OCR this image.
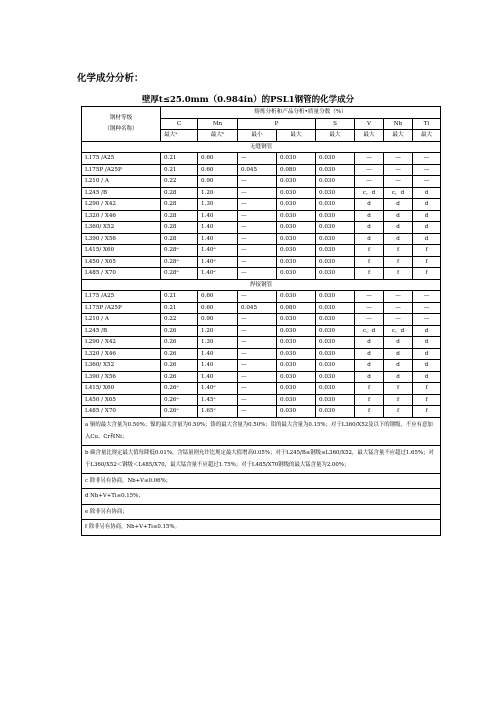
化学成分分析：
壁厚t≤25.0mm（0.984in）的PSL1钢管的化学成分
钢材等级
（钢种名称）	熔炼分析和产品分析•质量分数（%）							
	C	Mn	P		S	V	Nb	Ti
	最大ᵃ	最大ᵇ	最小	最大	最大	最大	最大	最大
无缝钢管								
L175 /A25	0.21	0.60	—	0.030	0.030	—	—	—
L175P /A25P	0.21	0.60	0.045	0.080	0.030	—	—	—
L210 / A	0.22	0.90	—	0.030	0.030	—	—	—
L245 /B	0.28	1.20	—	0.030	0.030	c，d	c，d	d
L290 / X42	0.28	1.30	—	0.030	0.030	d	d	d
L320 / X46	0.28	1.40	—	0.030	0.030	d	d	d
L360/ X52	0.28	1.40	—	0.030	0.030	d	d	d
L390 / X56	0.28	1.40	—	0.030	0.030	d	d	d
L415/ X60	0.28ᵉ	1.40ᵉ	—	0.030	0.030	f	f	f
L450 / X65	0.28ᵉ	1.40ᵉ	—	0.030	0.030	f	f	f
L485 / X70	0.28ᵉ	1.40ᵉ	—	0.030	0.030	f	f	f
焊接钢管								
L175 /A25	0.21	0.60	—	0.030	0.030	—	—	—
L175P /A25P	0.21	0.60	0.045	0.080	0.030	—	—	—
L210 / A	0.22	0.90	—	0.030	0.030	—	—	—
L245 /B	0.26	1.20	—	0.030	0.030	c，d	c，d	d
L290 / X42	0.26	1.30	—	0.030	0.030	d	d	d
L320 / X46	0.26	1.40	—	0.030	0.030	d	d	d
L360/ X52	0.26	1.40	—	0.030	0.030	d	d	d
L390 / X56	0.26	1.40	—	0.030	0.030	d	d	d
L415/ X60	0.26ᵉ	1.40ᵉ	—	0.030	0.030	f	f	f
L450 / X65	0.26ᵉ	1.45ᵉ	—	0.030	0.030	f	f	f
L485 / X70	0.26ᵉ	1.65ᵉ	—	0.030	0.030	f	f	f
a 铜的最大含量为0.50%；镍的最大含量为0.50%；铬的最大含量为0.50%；钼的最大含量为0.15%；对于L360/X52及以下的钢级，不应有意加入Cu、Cr和Ni；								
b 碳含量比规定最大值每降低0.01%，含锰量则允许比规定最大值增高0.05%；对于L245/B≤钢级≤L360/X52，最大锰含量不应超过1.65%；对于L360/X52＜钢级＜L485/X70，最大锰含量不应超过1.75%；对于L485/X70钢级的最大锰含量为2.00%；								
c 除非另有协商，Nb+V≤0.06%；								
d Nb+V+Ti≤0.15%；								
e 除非另有协商；								
f 除非另有协商，Nb+V+Ti≤0.15%。								
